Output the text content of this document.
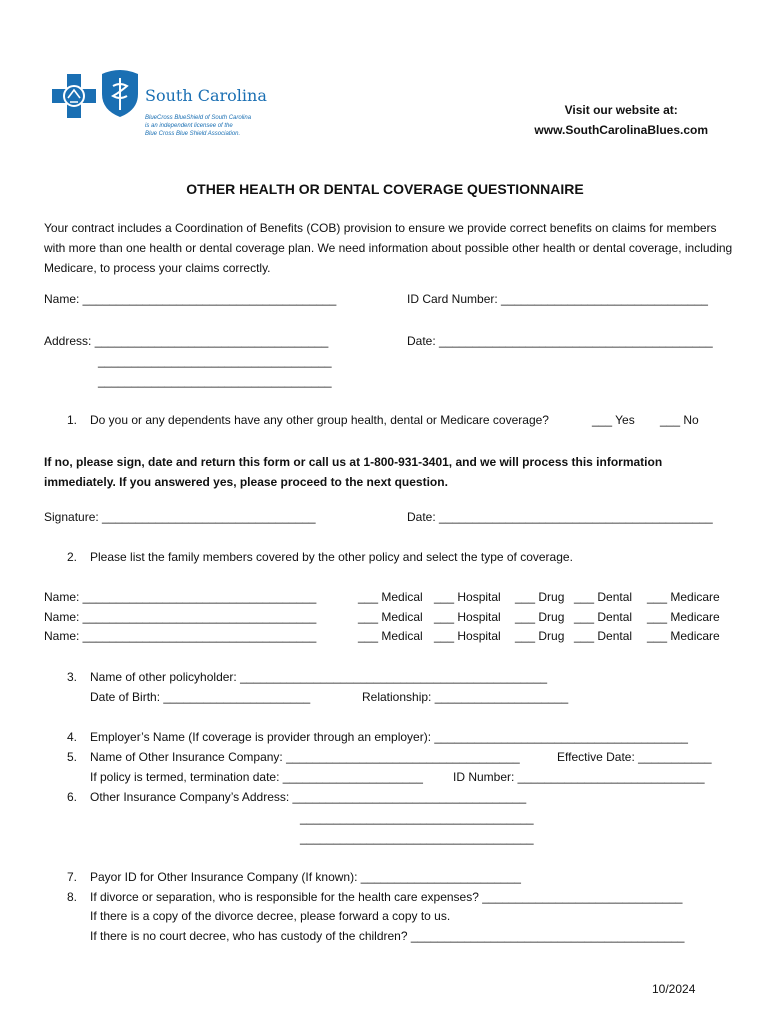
South Carolina
BlueCross BlueShield of South Carolina
is an independent licensee of the
Blue Cross Blue Shield Association.
Visit our website at:
www.SouthCarolinaBlues.com
OTHER HEALTH OR DENTAL COVERAGE QUESTIONNAIRE
Your contract includes a Coordination of Benefits (COB) provision to ensure we provide correct benefits on claims for members with more than one health or dental coverage plan. We need information about possible other health or dental coverage, including Medicare, to process your claims correctly.
Name: ______________________________________	ID Card Number: _______________________________
Address: ___________________________________
___________________________________
___________________________________
Date: _________________________________________
1. Do you or any dependents have any other group health, dental or Medicare coverage?	___ Yes ___ No
If no, please sign, date and return this form or call us at 1-800-931-3401, and we will process this information immediately. If you answered yes, please proceed to the next question.
Signature: ________________________________	Date: _________________________________________
2. Please list the family members covered by the other policy and select the type of coverage.
Name: ___________________________________	___ Medical ___ Hospital ___ Drug ___ Dental ___ Medicare
Name: ___________________________________	___ Medical ___ Hospital ___ Drug ___ Dental ___ Medicare
Name: ___________________________________	___ Medical ___ Hospital ___ Drug ___ Dental ___ Medicare
3. Name of other policyholder: ______________________________________________
Date of Birth: ______________________	Relationship: ____________________
4. Employer’s Name (If coverage is provider through an employer): ______________________________________
5. Name of Other Insurance Company: ___________________________________	Effective Date: ___________
If policy is termed, termination date: _____________________	ID Number: ____________________________
6. Other Insurance Company’s Address: ___________________________________
___________________________________
___________________________________
7. Payor ID for Other Insurance Company (If known): ________________________
8. If divorce or separation, who is responsible for the health care expenses? ______________________________
If there is a copy of the divorce decree, please forward a copy to us.
If there is no court decree, who has custody of the children? _________________________________________
10/2024
